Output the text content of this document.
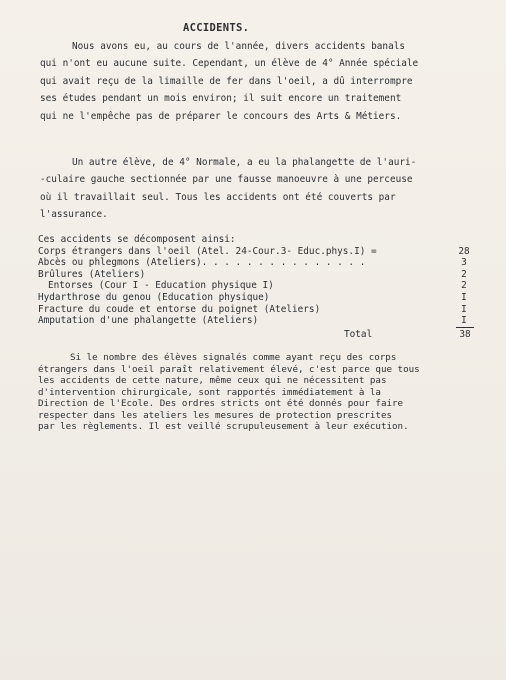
ACCIDENTS.
Nous avons eu, au cours de l'année, divers accidents banals
qui n'ont eu aucune suite. Cependant, un élève de 4° Année spéciale
qui avait reçu de la limaille de fer dans l'oeil, a dû interrompre
ses études pendant un mois environ; il suit encore un traitement
qui ne l'empêche pas de préparer le concours des Arts & Métiers.
Un autre élève, de 4° Normale, a eu la phalangette de l'auri-
-culaire gauche sectionnée par une fausse manoeuvre à une perceuse
où il travaillait seul. Tous les accidents ont été couverts par
l'assurance.
Ces accidents se décomposent ainsi:
Corps étrangers dans l'oeil (Atel. 24-Cour.3- Educ.phys.I) =	28
Abcès ou phlegmons (Ateliers). . . . . . . . . . . . . . .	3
Brûlures (Ateliers)	2
Entorses (Cour I - Education physique I)	2
Hydarthrose du genou (Education physique)	I
Fracture du coude et entorse du poignet (Ateliers)	I
Amputation d'une phalangette (Ateliers)	I
Total	38
Si le nombre des élèves signalés comme ayant reçu des corps
étrangers dans l'oeil paraît relativement élevé, c'est parce que tous
les accidents de cette nature, même ceux qui ne nécessitent pas
d'intervention chirurgicale, sont rapportés immédiatement à la
Direction de l'Ecole. Des ordres stricts ont été donnés pour faire
respecter dans les ateliers les mesures de protection prescrites
par les règlements. Il est veillé scrupuleusement à leur exécution.
